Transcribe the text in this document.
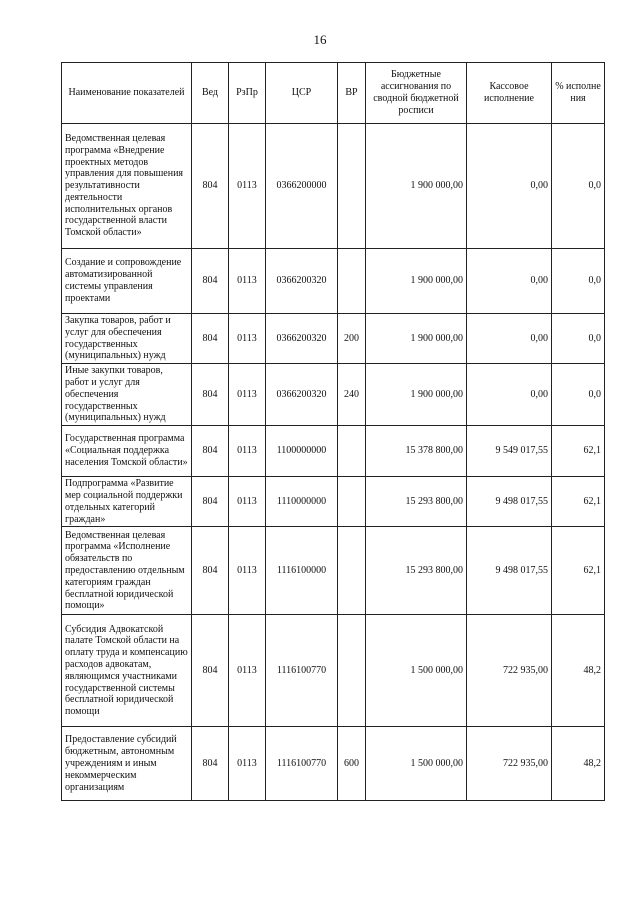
16
Наименование показателей	Вед	РзПр	ЦСР	ВР	Бюджетные ассигнования по сводной бюджетной росписи	Кассовое исполнение	% исполне ния
Ведомственная целевая программа «Внедрение проектных методов управления для повышения результативности деятельности исполнительных органов государственной власти Томской области»	804	0113	0366200000		1 900 000,00	0,00	0,0
Создание и сопровождение автоматизированной системы управления проектами	804	0113	0366200320		1 900 000,00	0,00	0,0
Закупка товаров, работ и услуг для обеспечения государственных (муниципальных) нужд	804	0113	0366200320	200	1 900 000,00	0,00	0,0
Иные закупки товаров, работ и услуг для обеспечения государственных (муниципальных) нужд	804	0113	0366200320	240	1 900 000,00	0,00	0,0
Государственная программа «Социальная поддержка населения Томской области»	804	0113	1100000000		15 378 800,00	9 549 017,55	62,1
Подпрограмма «Развитие мер социальной поддержки отдельных категорий граждан»	804	0113	1110000000		15 293 800,00	9 498 017,55	62,1
Ведомственная целевая программа «Исполнение обязательств по предоставлению отдельным категориям граждан бесплатной юридической помощи»	804	0113	1116100000		15 293 800,00	9 498 017,55	62,1
Субсидия Адвокатской палате Томской области на оплату труда и компенсацию расходов адвокатам, являющимся участниками государственной системы бесплатной юридической помощи	804	0113	1116100770		1 500 000,00	722 935,00	48,2
Предоставление субсидий бюджетным, автономным учреждениям и иным некоммерческим организациям	804	0113	1116100770	600	1 500 000,00	722 935,00	48,2
